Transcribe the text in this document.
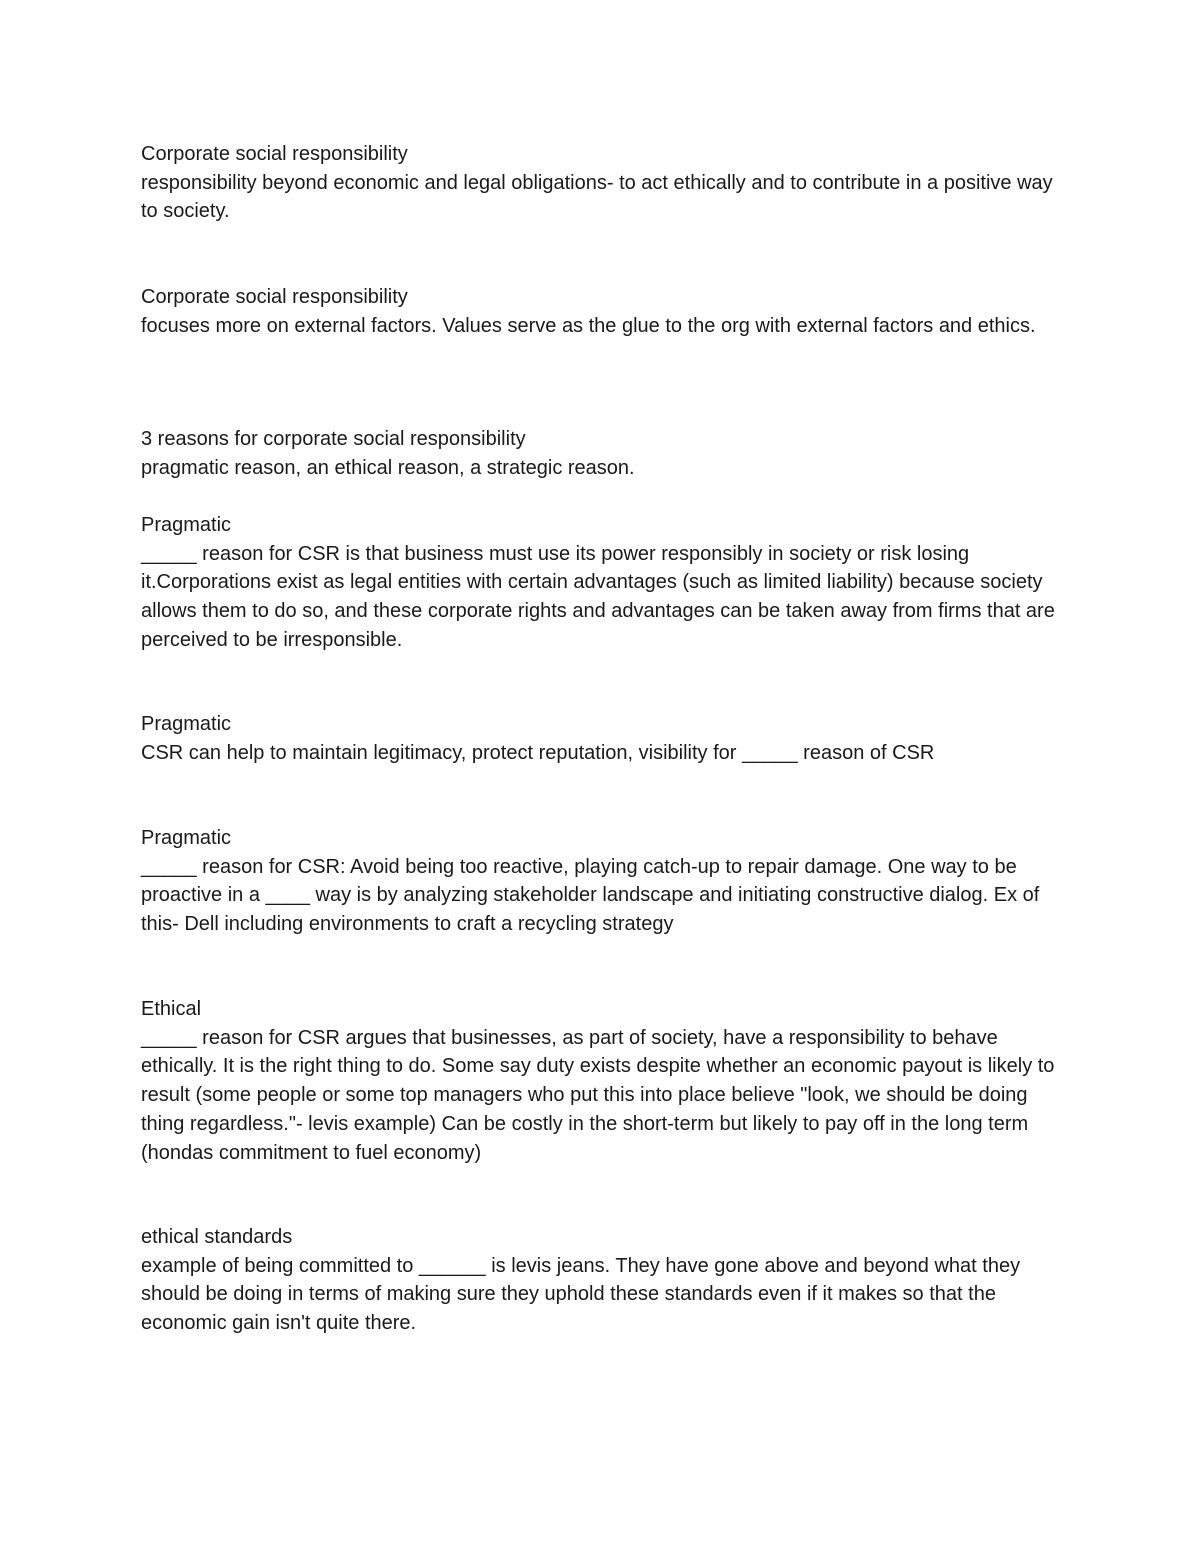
Corporate social responsibility

responsibility beyond economic and legal obligations- to act ethically and to contribute in a positive way to society.

Corporate social responsibility

focuses more on external factors. Values serve as the glue to the org with external factors and ethics.

3 reasons for corporate social responsibility

pragmatic reason, an ethical reason, a strategic reason.

Pragmatic

_____ reason for CSR is that business must use its power responsibly in society or risk losing it.Corporations exist as legal entities with certain advantages (such as limited liability) because society allows them to do so, and these corporate rights and advantages can be taken away from firms that are perceived to be irresponsible.

Pragmatic

CSR can help to maintain legitimacy, protect reputation, visibility for _____ reason of CSR

Pragmatic

_____ reason for CSR: Avoid being too reactive, playing catch-up to repair damage. One way to be proactive in a ____ way is by analyzing stakeholder landscape and initiating constructive dialog. Ex of this- Dell including environments to craft a recycling strategy

Ethical

_____ reason for CSR argues that businesses, as part of society, have a responsibility to behave ethically. It is the right thing to do. Some say duty exists despite whether an economic payout is likely to result (some people or some top managers who put this into place believe "look, we should be doing thing regardless."- levis example) Can be costly in the short-term but likely to pay off in the long term (hondas commitment to fuel economy)

ethical standards

example of being committed to ______ is levis jeans. They have gone above and beyond what they should be doing in terms of making sure they uphold these standards even if it makes so that the economic gain isn't quite there.
